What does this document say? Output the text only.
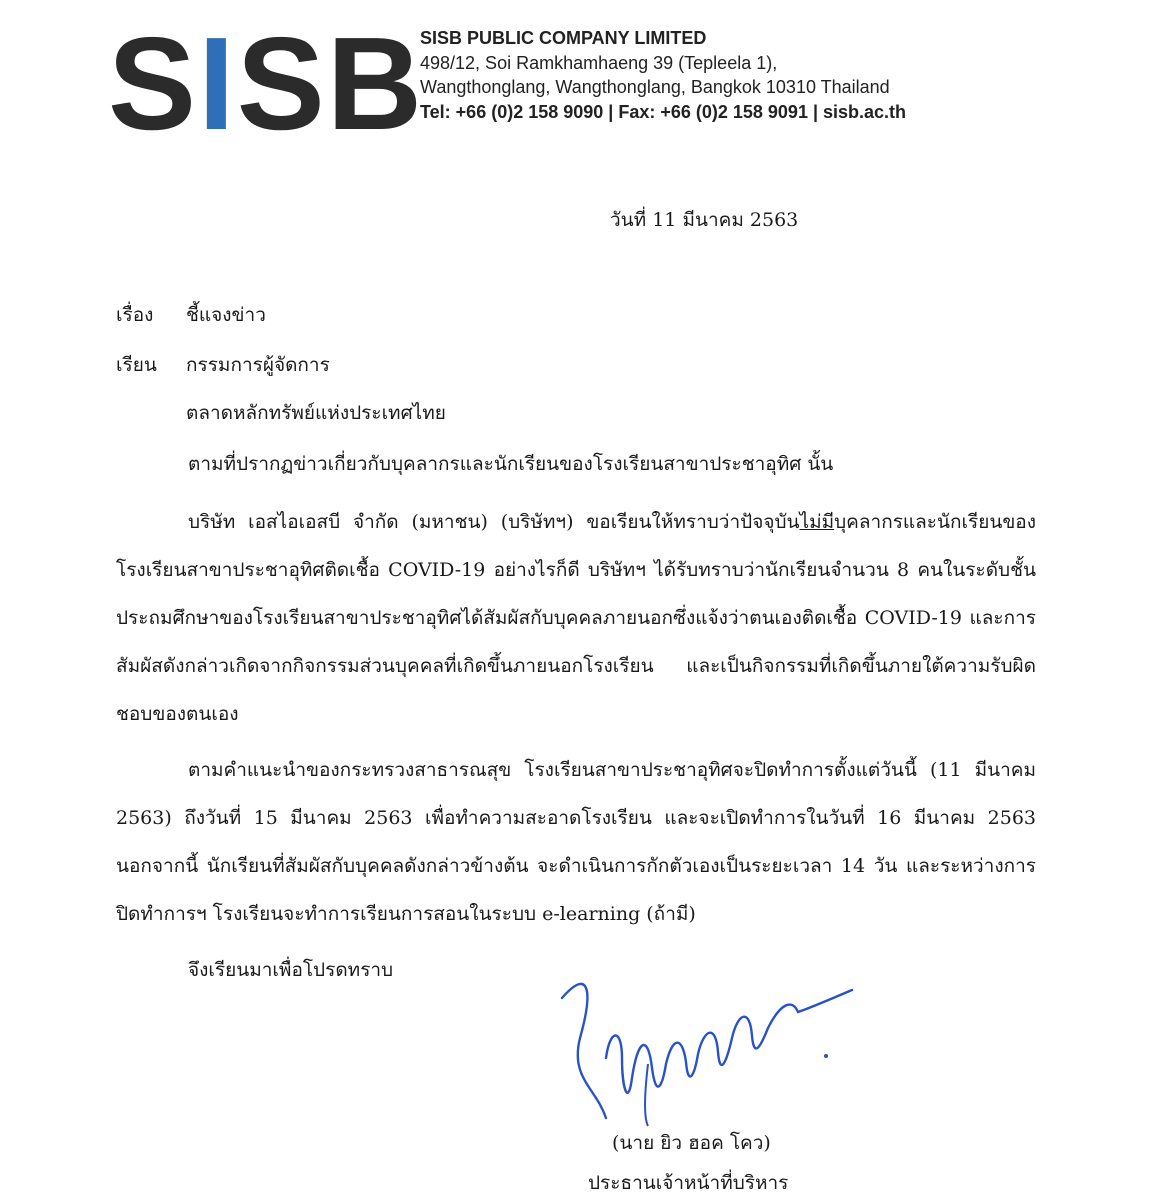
SISB
SISB PUBLIC COMPANY LIMITED
498/12, Soi Ramkhamhaeng 39 (Tepleela 1),
Wangthonglang, Wangthonglang, Bangkok 10310 Thailand
Tel: +66 (0)2 158 9090 | Fax: +66 (0)2 158 9091 | sisb.ac.th
วันที่ 11 มีนาคม 2563
เรื่อง ชี้แจงข่าว
เรียน กรรมการผู้จัดการ
ตลาดหลักทรัพย์แห่งประเทศไทย
ตามที่ปรากฏข่าวเกี่ยวกับบุคลากรและนักเรียนของโรงเรียนสาขาประชาอุทิศ นั้น
บริษัท เอสไอเอสบี จำกัด (มหาชน) (บริษัทฯ) ขอเรียนให้ทราบว่าปัจจุบันไม่มีบุคลากรและนักเรียนของโรงเรียนสาขาประชาอุทิศติดเชื้อ COVID-19 อย่างไรก็ดี บริษัทฯ ได้รับทราบว่านักเรียนจำนวน 8 คนในระดับชั้นประถมศึกษาของโรงเรียนสาขาประชาอุทิศได้สัมผัสกับบุคคลภายนอกซึ่งแจ้งว่าตนเองติดเชื้อ COVID-19 และการสัมผัสดังกล่าวเกิดจากกิจกรรมส่วนบุคคลที่เกิดขึ้นภายนอกโรงเรียน และเป็นกิจกรรมที่เกิดขึ้นภายใต้ความรับผิดชอบของตนเอง
ตามคำแนะนำของกระทรวงสาธารณสุข โรงเรียนสาขาประชาอุทิศจะปิดทำการตั้งแต่วันนี้ (11 มีนาคม 2563) ถึงวันที่ 15 มีนาคม 2563 เพื่อทำความสะอาดโรงเรียน และจะเปิดทำการในวันที่ 16 มีนาคม 2563 นอกจากนี้ นักเรียนที่สัมผัสกับบุคคลดังกล่าวข้างต้น จะดำเนินการกักตัวเองเป็นระยะเวลา 14 วัน และระหว่างการปิดทำการฯ โรงเรียนจะทำการเรียนการสอนในระบบ e-learning (ถ้ามี)
จึงเรียนมาเพื่อโปรดทราบ
(นาย ยิว ฮอค โคว)
ประธานเจ้าหน้าที่บริหาร
